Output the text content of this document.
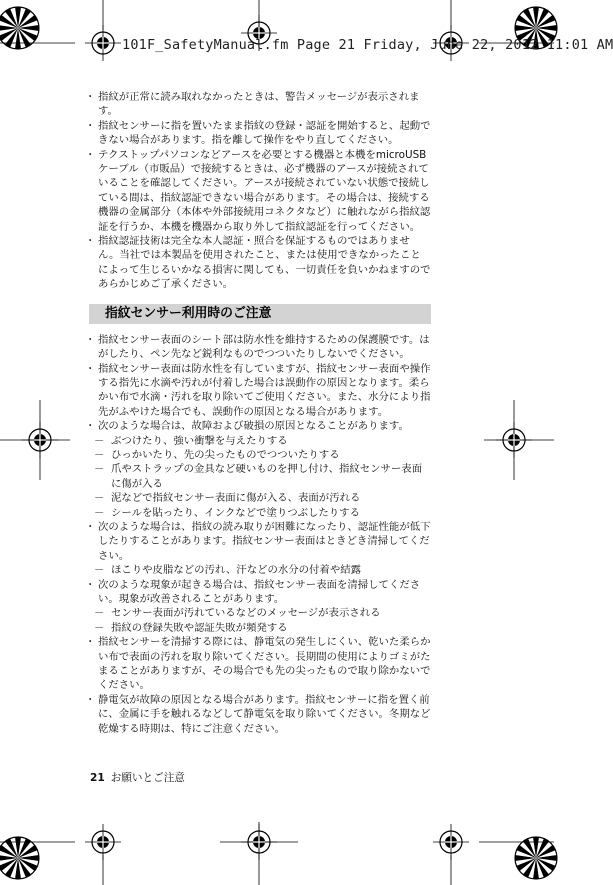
101F_SafetyManual.fm Page 21 Friday, June 22, 2012 11:01 AM

・ 指紋が正常に読み取れなかったときは、警告メッセージが表示されます。

・ 指紋センサーに指を置いたまま指紋の登録・認証を開始すると、起動できない場合があります。指を離して操作をやり直してください。

・ テクストップパソコンなどアースを必要とする機器と本機をmicroUSBケーブル（市販品）で接続するときは、必ず機器のアースが接続されていることを確認してください。アースが接続されていない状態で接続している間は、指紋認証できない場合があります。その場合は、接続する機器の金属部分（本体や外部接続用コネクタなど）に触れながら指紋認証を行うか、本機を機器から取り外して指紋認証を行ってください。

・ 指紋認証技術は完全な本人認証・照合を保証するものではありません。当社では本製品を使用されたこと、または使用できなかったことによって生じるいかなる損害に関しても、一切責任を負いかねますのであらかじめご了承ください。

指紋センサー利用時のご注意

・ 指紋センサー表面のシート部は防水性を維持するための保護膜です。はがしたり、ペン先など鋭利なものでつついたりしないでください。

・ 指紋センサー表面は防水性を有していますが、指紋センサー表面や操作する指先に水滴や汚れが付着した場合は誤動作の原因となります。柔らかい布で水滴・汚れを取り除いてご使用ください。また、水分により指先がふやけた場合でも、誤動作の原因となる場合があります。

・ 次のような場合は、故障および破損の原因となることがあります。

－ ぶつけたり、強い衝撃を与えたりする

－ ひっかいたり、先の尖ったものでつついたりする

－ 爪やストラップの金具など硬いものを押し付け、指紋センサー表面に傷が入る

－ 泥などで指紋センサー表面に傷が入る、表面が汚れる

－ シールを貼ったり、インクなどで塗りつぶしたりする

・ 次のような場合は、指紋の読み取りが困難になったり、認証性能が低下したりすることがあります。指紋センサー表面はときどき清掃してください。

－ ほこりや皮脂などの汚れ、汗などの水分の付着や結露

・ 次のような現象が起きる場合は、指紋センサー表面を清掃してください。現象が改善されることがあります。

－ センサー表面が汚れているなどのメッセージが表示される

－ 指紋の登録失敗や認証失敗が頻発する

・ 指紋センサーを清掃する際には、静電気の発生しにくい、乾いた柔らかい布で表面の汚れを取り除いてください。長期間の使用によりゴミがたまることがありますが、その場合でも先の尖ったもので取り除かないでください。

・ 静電気が故障の原因となる場合があります。指紋センサーに指を置く前に、金属に手を触れるなどして静電気を取り除いてください。冬期など乾燥する時期は、特にご注意ください。

21 お願いとご注意
